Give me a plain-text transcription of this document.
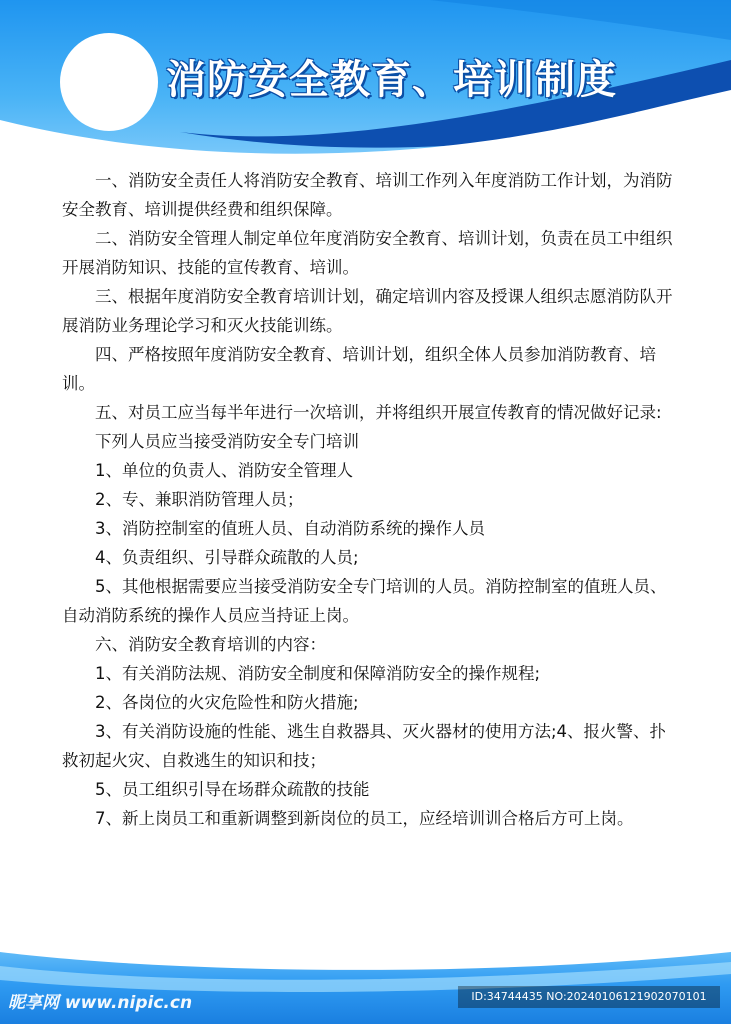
消防安全教育、培训制度

一、消防安全责任人将消防安全教育、培训工作列入年度消防工作计划，为消防安全教育、培训提供经费和组织保障。

二、消防安全管理人制定单位年度消防安全教育、培训计划，负责在员工中组织开展消防知识、技能的宣传教育、培训。

三、根据年度消防安全教育培训计划，确定培训内容及授课人组织志愿消防队开展消防业务理论学习和灭火技能训练。

四、严格按照年度消防安全教育、培训计划，组织全体人员参加消防教育、培训。

五、对员工应当每半年进行一次培训，并将组织开展宣传教育的情况做好记录:

下列人员应当接受消防安全专门培训

1、单位的负责人、消防安全管理人

2、专、兼职消防管理人员；

3、消防控制室的值班人员、自动消防系统的操作人员

4、负责组织、引导群众疏散的人员;

5、其他根据需要应当接受消防安全专门培训的人员。消防控制室的值班人员、自动消防系统的操作人员应当持证上岗。

六、消防安全教育培训的内容：

1、有关消防法规、消防安全制度和保障消防安全的操作规程;

2、各岗位的火灾危险性和防火措施;

3、有关消防设施的性能、逃生自救器具、灭火器材的使用方法;4、报火警、扑救初起火灾、自救逃生的知识和技；

5、员工组织引导在场群众疏散的技能

7、新上岗员工和重新调整到新岗位的员工，应经培训训合格后方可上岗。

昵享网 www.nipic.cn	ID:34744435 NO:20240106121902070101
